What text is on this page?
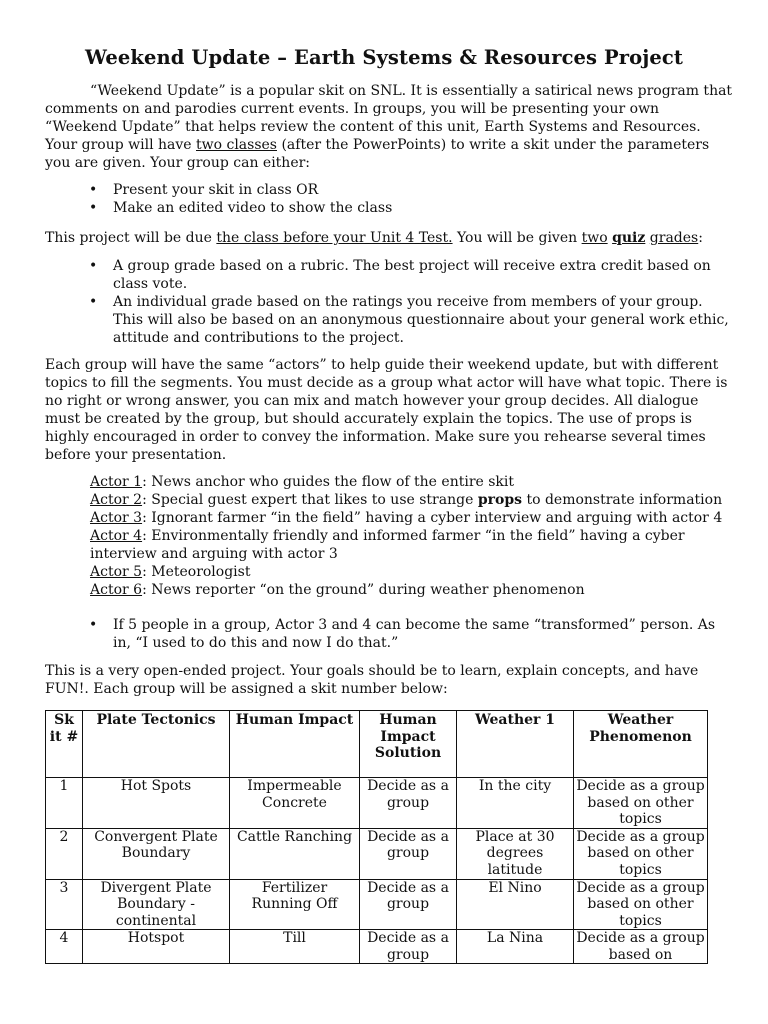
Weekend Update – Earth Systems & Resources Project

“Weekend Update” is a popular skit on SNL. It is essentially a satirical news program that comments on and parodies current events. In groups, you will be presenting your own “Weekend Update” that helps review the content of this unit, Earth Systems and Resources. Your group will have two classes (after the PowerPoints) to write a skit under the parameters you are given. Your group can either:

• Present your skit in class OR
• Make an edited video to show the class

This project will be due the class before your Unit 4 Test. You will be given two quiz grades:

• A group grade based on a rubric. The best project will receive extra credit based on class vote.
• An individual grade based on the ratings you receive from members of your group. This will also be based on an anonymous questionnaire about your general work ethic, attitude and contributions to the project.

Each group will have the same “actors” to help guide their weekend update, but with different topics to fill the segments. You must decide as a group what actor will have what topic. There is no right or wrong answer, you can mix and match however your group decides. All dialogue must be created by the group, but should accurately explain the topics. The use of props is highly encouraged in order to convey the information. Make sure you rehearse several times before your presentation.

Actor 1: News anchor who guides the flow of the entire skit

Actor 2: Special guest expert that likes to use strange props to demonstrate information

Actor 3: Ignorant farmer “in the field” having a cyber interview and arguing with actor 4

Actor 4: Environmentally friendly and informed farmer “in the field” having a cyber interview and arguing with actor 3

Actor 5: Meteorologist

Actor 6: News reporter “on the ground” during weather phenomenon

• If 5 people in a group, Actor 3 and 4 can become the same “transformed” person. As in, “I used to do this and now I do that.”

This is a very open-ended project. Your goals should be to learn, explain concepts, and have FUN!. Each group will be assigned a skit number below:

Sk it #	Plate Tectonics	Human Impact	Human Impact Solution	Weather 1	Weather Phenomenon
1	Hot Spots	Impermeable Concrete	Decide as a group	In the city	Decide as a group based on other topics
2	Convergent Plate Boundary	Cattle Ranching	Decide as a group	Place at 30 degrees latitude	Decide as a group based on other topics
3	Divergent Plate Boundary - continental	Fertilizer Running Off	Decide as a group	El Nino	Decide as a group based on other topics
4	Hotspot	Till	Decide as a group	La Nina	Decide as a group based on
